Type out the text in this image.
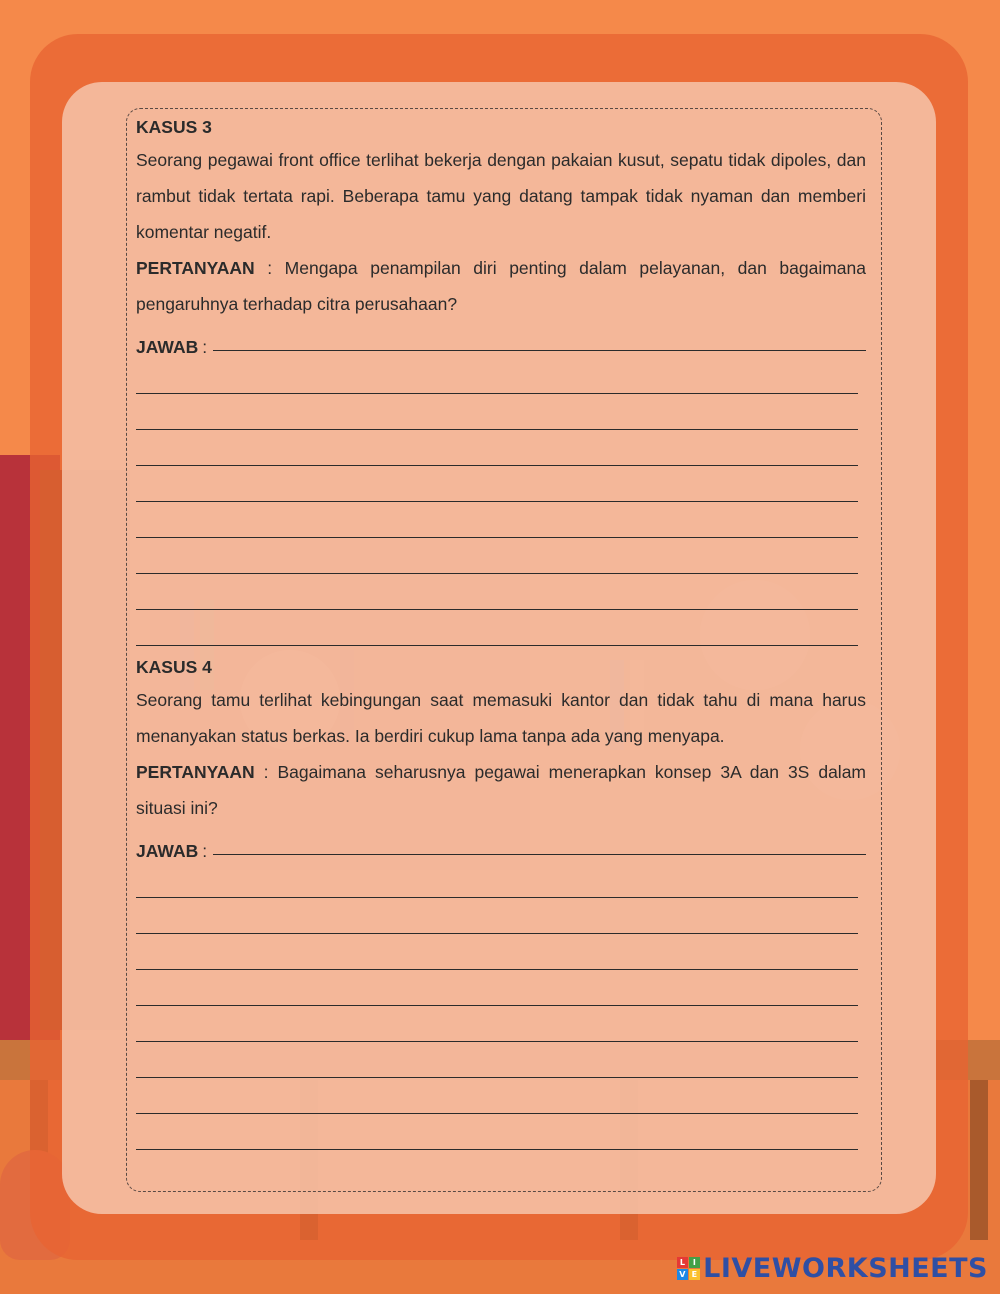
KASUS 3

Seorang pegawai front office terlihat bekerja dengan pakaian kusut, sepatu tidak dipoles, dan rambut tidak tertata rapi. Beberapa tamu yang datang tampak tidak nyaman dan memberi komentar negatif.

PERTANYAAN : Mengapa penampilan diri penting dalam pelayanan, dan bagaimana pengaruhnya terhadap citra perusahaan?

JAWAB :
KASUS 4

Seorang tamu terlihat kebingungan saat memasuki kantor dan tidak tahu di mana harus menanyakan status berkas. Ia berdiri cukup lama tanpa ada yang menyapa.

PERTANYAAN : Bagaimana seharusnya pegawai menerapkan konsep 3A dan 3S dalam situasi ini?

JAWAB :
L I
V E LIVEWORKSHEETS
